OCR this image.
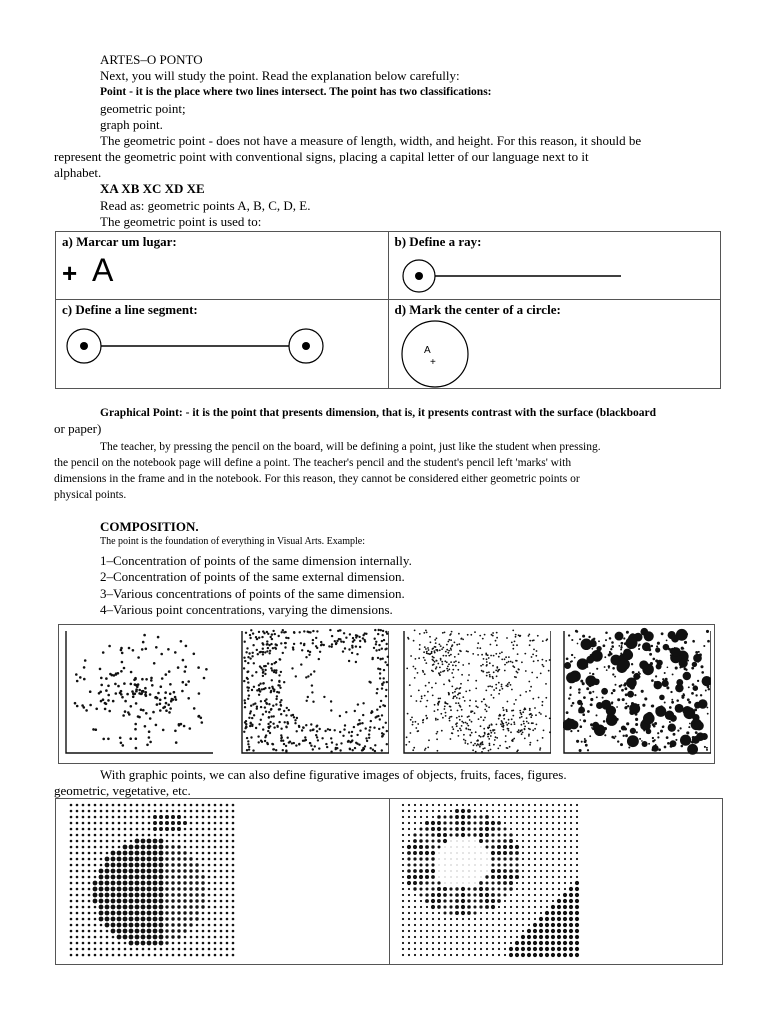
ARTES–O PONTO
Next, you will study the point. Read the explanation below carefully:
Point - it is the place where two lines intersect. The point has two classifications:
geometric point;
graph point.
The geometric point - does not have a measure of length, width, and height. For this reason, it should be
represent the geometric point with conventional signs, placing a capital letter of our language next to it
alphabet.
XA XB XC XD XE
Read as: geometric points A, B, C, D, E.
The geometric point is used to:
a) Marcar um lugar:
+ A	b) Define a ray:

c) Define a line segment:	d) Mark the center of a circle:
A
+
Graphical Point: - it is the point that presents dimension, that is, it presents contrast with the surface (blackboard
or paper)
The teacher, by pressing the pencil on the board, will be defining a point, just like the student when pressing.
the pencil on the notebook page will define a point. The teacher's pencil and the student's pencil left 'marks' with
dimensions in the frame and in the notebook. For this reason, they cannot be considered either geometric points or
physical points.
COMPOSITION.
The point is the foundation of everything in Visual Arts. Example:
1–Concentration of points of the same dimension internally.
2–Concentration of points of the same external dimension.
3–Various concentrations of points of the same dimension.
4–Various point concentrations, varying the dimensions.
With graphic points, we can also define figurative images of objects, fruits, faces, figures.
geometric, vegetative, etc.
